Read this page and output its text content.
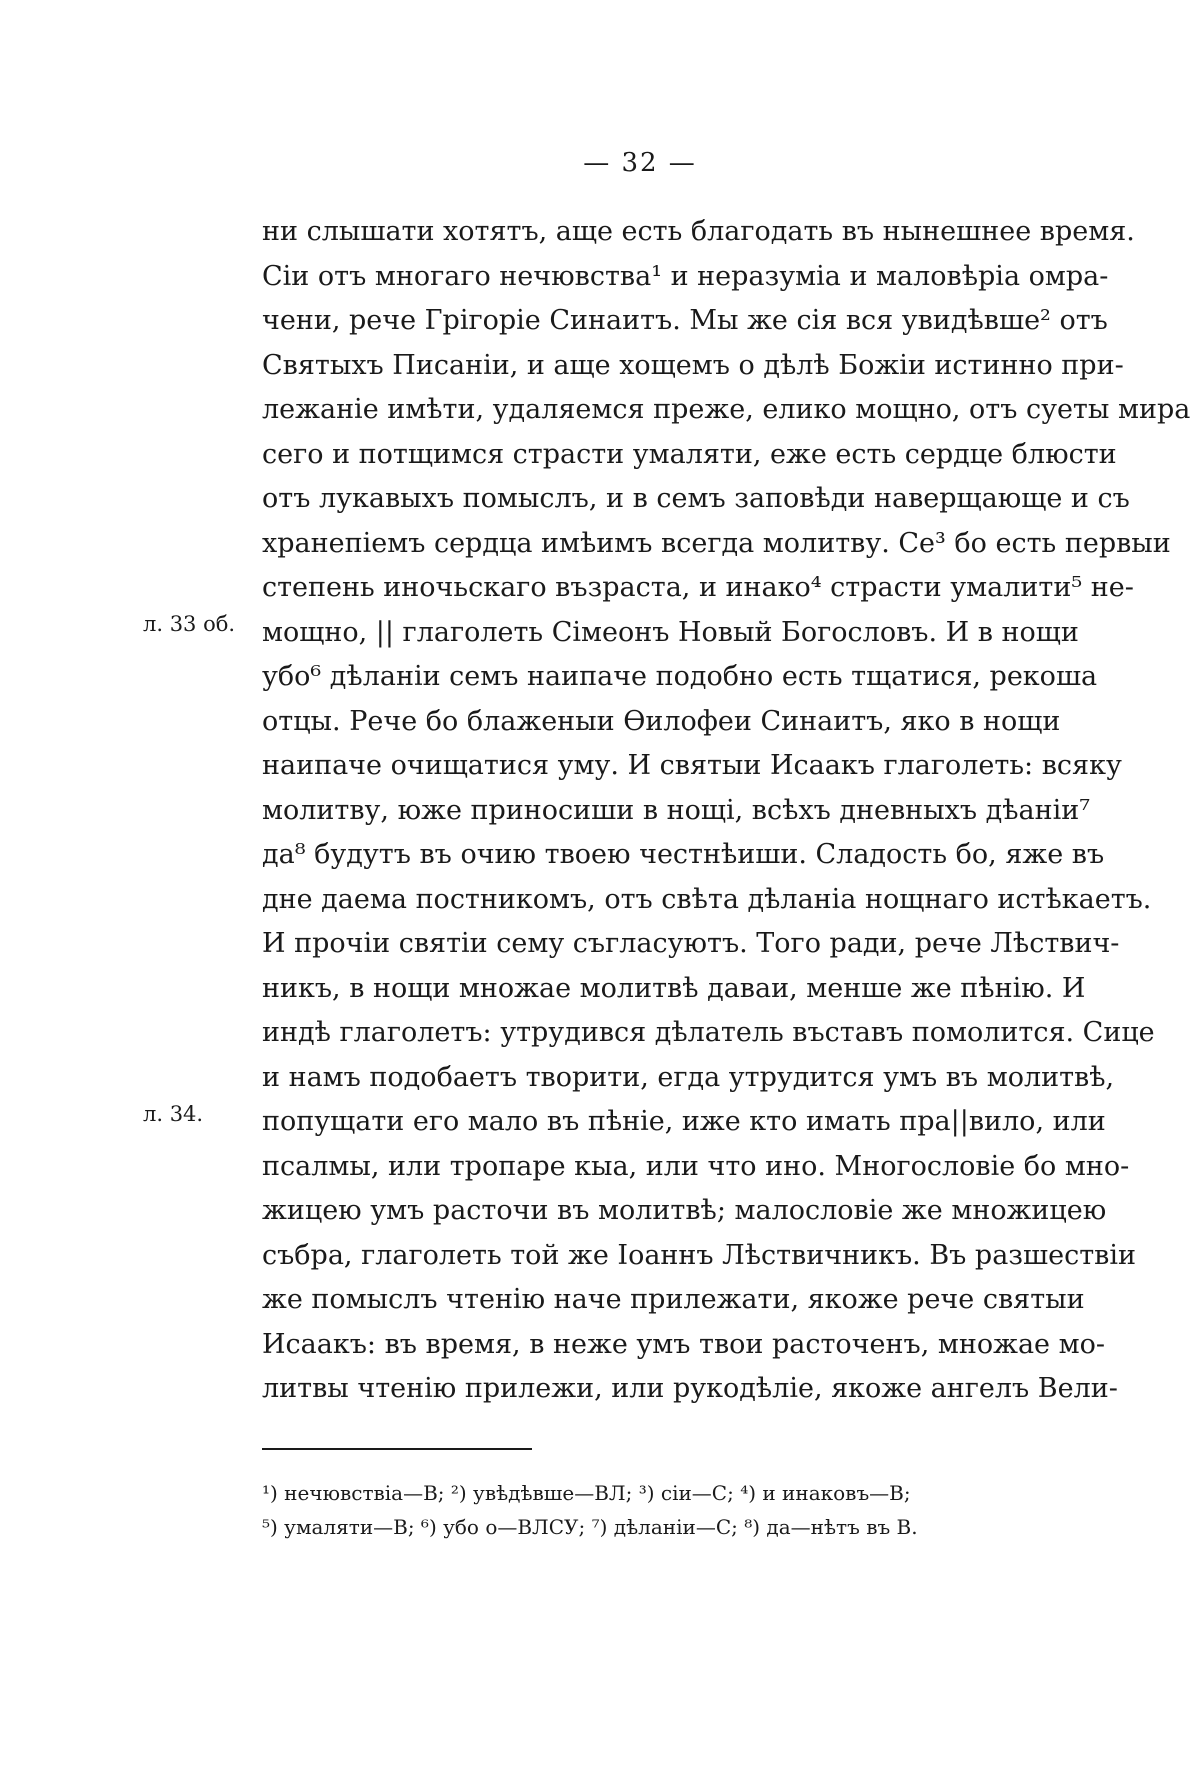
— 32 —
л. 33 об.
л. 34.
ни слышати хотятъ, аще есть благодать въ нынешнее время.
Сіи отъ многаго нечювства¹ и неразуміа и маловѣріа омра-
чени, рече Грігоріе Синаитъ. Мы же сія вся увидѣвше² отъ
Святыхъ Писаніи, и аще хощемъ о дѣлѣ Божіи истинно при-
лежаніе имѣти, удаляемся преже, елико мощно, отъ суеты мира
сего и потщимся страсти умаляти, еже есть сердце блюсти
отъ лукавыхъ помыслъ, и в семъ заповѣди наверщающе и съ
хранепіемъ сердца имѣимъ всегда молитву. Се³ бо есть первыи
степень иночьскаго възраста, и инако⁴ страсти умалити⁵ не-
мощно, || глаголеть Сімеонъ Новый Богословъ. И в нощи
убо⁶ дѣланіи семъ наипаче подобно есть тщатися, рекоша
отцы. Рече бо блаженыи Өилофеи Синаитъ, яко в нощи
наипаче очищатися уму. И святыи Исаакъ глаголеть: всяку
молитву, юже приносиши в нощі, всѣхъ дневныхъ дѣаніи⁷
да⁸ будутъ въ очию твоею честнѣиши. Сладость бо, яже въ
дне даема постникомъ, отъ свѣта дѣланіа нощнаго истѣкаетъ.
И прочіи святіи сему съгласуютъ. Того ради, рече Лѣствич-
никъ, в нощи множае молитвѣ даваи, менше же пѣнію. И
индѣ глаголетъ: утрудився дѣлатель въставъ помолится. Сице
и намъ подобаетъ творити, егда утрудится умъ въ молитвѣ,
попущати его мало въ пѣніе, иже кто имать пра||вило, или
псалмы, или тропаре кыа, или что ино. Многословіе бо мно-
жицею умъ расточи въ молитвѣ; малословіе же множицею
събра, глаголеть той же Іоаннъ Лѣствичникъ. Въ разшествіи
же помыслъ чтенію наче прилежати, якоже рече святыи
Исаакъ: въ время, в неже умъ твои расточенъ, множае мо-
литвы чтенію прилежи, или рукодѣліе, якоже ангелъ Вели-
¹) нечювствіа—В; ²) увѣдѣвше—ВЛ; ³) сіи—С; ⁴) и инаковъ—В;
⁵) умаляти—В; ⁶) убо о—ВЛСУ; ⁷) дѣланіи—С; ⁸) да—нѣтъ въ В.
